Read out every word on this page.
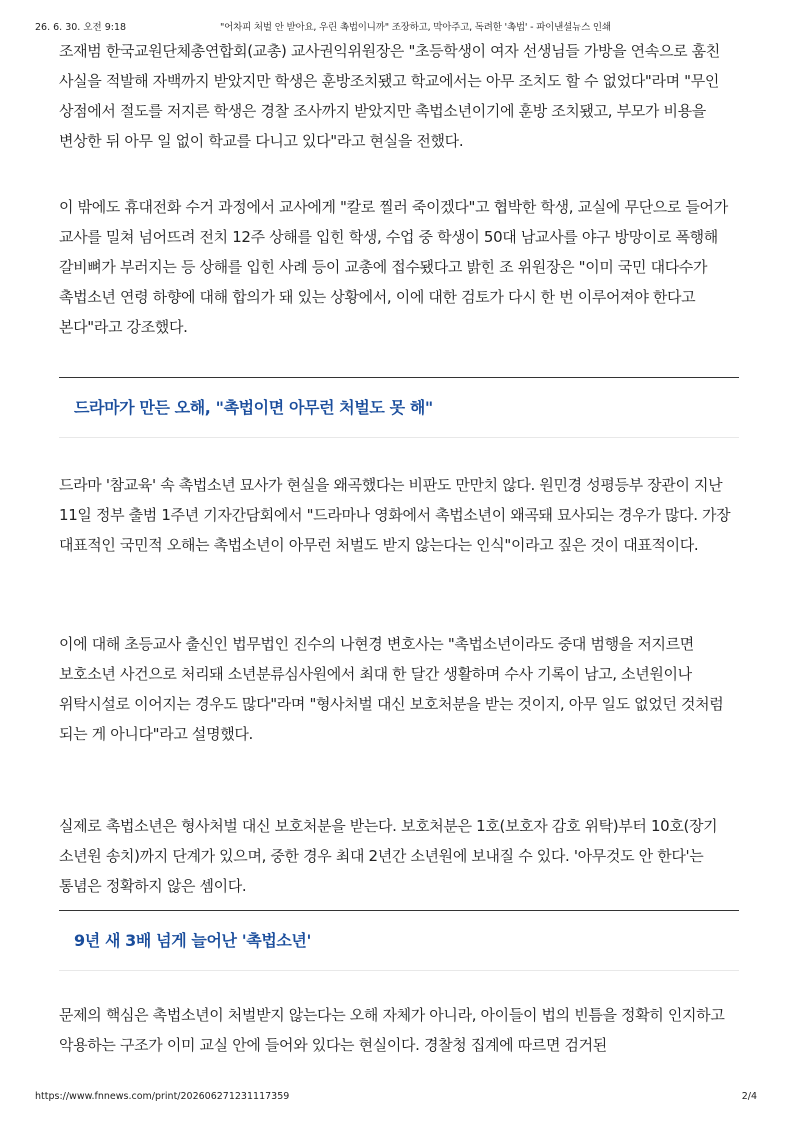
26. 6. 30. 오전 9:18	"어차피 처벌 안 받아요, 우린 촉법이니까" 조장하고, 막아주고, 독려한 '촉법' - 파이낸셜뉴스 인쇄

조재범 한국교원단체총연합회(교총) 교사권익위원장은 "초등학생이 여자 선생님들 가방을 연속으로 훔친 사실을 적발해 자백까지 받았지만 학생은 훈방조치됐고 학교에서는 아무 조치도 할 수 없었다"라며 "무인 상점에서 절도를 저지른 학생은 경찰 조사까지 받았지만 촉법소년이기에 훈방 조치됐고, 부모가 비용을 변상한 뒤 아무 일 없이 학교를 다니고 있다"라고 현실을 전했다.

이 밖에도 휴대전화 수거 과정에서 교사에게 "칼로 찔러 죽이겠다"고 협박한 학생, 교실에 무단으로 들어가 교사를 밀쳐 넘어뜨려 전치 12주 상해를 입힌 학생, 수업 중 학생이 50대 남교사를 야구 방망이로 폭행해 갈비뼈가 부러지는 등 상해를 입힌 사례 등이 교총에 접수됐다고 밝힌 조 위원장은 "이미 국민 대다수가 촉법소년 연령 하향에 대해 합의가 돼 있는 상황에서, 이에 대한 검토가 다시 한 번 이루어져야 한다고 본다"라고 강조했다.

드라마가 만든 오해, "촉법이면 아무런 처벌도 못 해"

드라마 '참교육' 속 촉법소년 묘사가 현실을 왜곡했다는 비판도 만만치 않다. 원민경 성평등부 장관이 지난 11일 정부 출범 1주년 기자간담회에서 "드라마나 영화에서 촉법소년이 왜곡돼 묘사되는 경우가 많다. 가장 대표적인 국민적 오해는 촉법소년이 아무런 처벌도 받지 않는다는 인식"이라고 짚은 것이 대표적이다.

이에 대해 초등교사 출신인 법무법인 진수의 나현경 변호사는 "촉법소년이라도 중대 범행을 저지르면 보호소년 사건으로 처리돼 소년분류심사원에서 최대 한 달간 생활하며 수사 기록이 남고, 소년원이나 위탁시설로 이어지는 경우도 많다"라며 "형사처벌 대신 보호처분을 받는 것이지, 아무 일도 없었던 것처럼 되는 게 아니다"라고 설명했다.

실제로 촉법소년은 형사처벌 대신 보호처분을 받는다. 보호처분은 1호(보호자 감호 위탁)부터 10호(장기 소년원 송치)까지 단계가 있으며, 중한 경우 최대 2년간 소년원에 보내질 수 있다. '아무것도 안 한다'는 통념은 정확하지 않은 셈이다.

9년 새 3배 넘게 늘어난 '촉법소년'

문제의 핵심은 촉법소년이 처벌받지 않는다는 오해 자체가 아니라, 아이들이 법의 빈틈을 정확히 인지하고 악용하는 구조가 이미 교실 안에 들어와 있다는 현실이다. 경찰청 집계에 따르면 검거된

https://www.fnnews.com/print/202606271231117359	2/4
